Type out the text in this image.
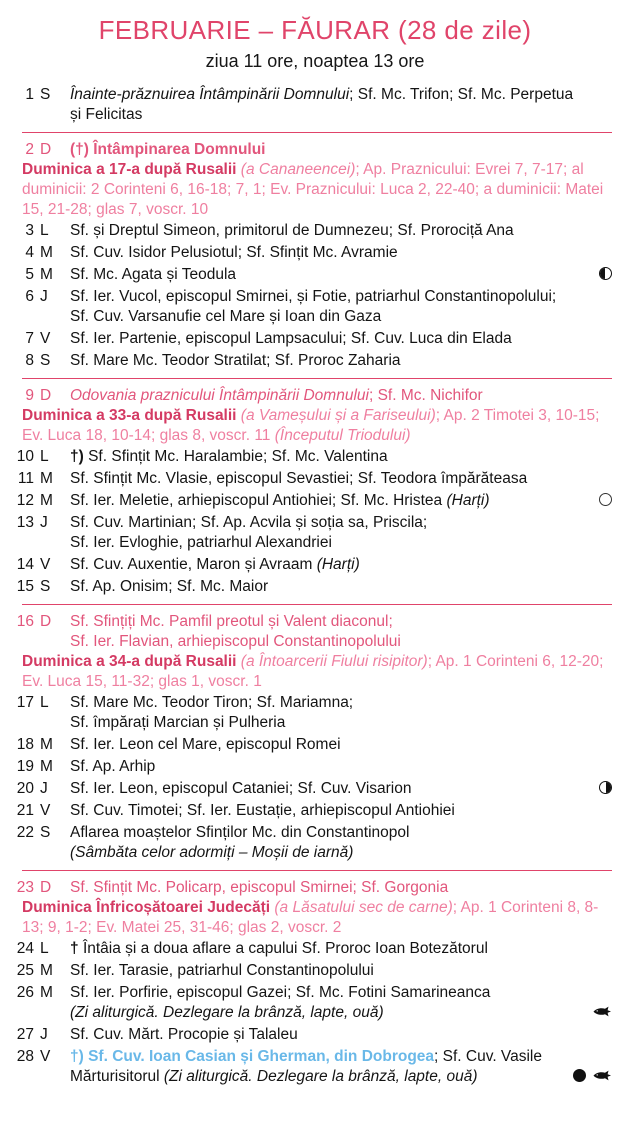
FEBRUARIE – FĂURAR (28 de zile)
ziua 11 ore, noaptea 13 ore
1 S	Înainte-prăznuirea Întâmpinării Domnului; Sf. Mc. Trifon; Sf. Mc. Perpetua
și Felicitas
2 D	(†) Întâmpinarea Domnului
Duminica a 17-a după Rusalii (a Cananeencei); Ap. Praznicului: Evrei 7, 7-17; al duminicii: 2 Corinteni 6, 16-18; 7, 1; Ev. Praznicului: Luca 2, 22-40; a duminicii: Matei 15, 21-28; glas 7, voscr. 10
3 L	Sf. și Dreptul Simeon, primitorul de Dumnezeu; Sf. Prorociță Ana
4 M	Sf. Cuv. Isidor Pelusiotul; Sf. Sfințit Mc. Avramie
5 M	Sf. Mc. Agata și Teodula
6 J	Sf. Ier. Vucol, episcopul Smirnei, și Fotie, patriarhul Constantinopolului;
Sf. Cuv. Varsanufie cel Mare și Ioan din Gaza
7 V	Sf. Ier. Partenie, episcopul Lampsacului; Sf. Cuv. Luca din Elada
8 S	Sf. Mare Mc. Teodor Stratilat; Sf. Proroc Zaharia
9 D	Odovania praznicului Întâmpinării Domnului; Sf. Mc. Nichifor
Duminica a 33-a după Rusalii (a Vameșului și a Fariseului); Ap. 2 Timotei 3, 10-15; Ev. Luca 18, 10-14; glas 8, voscr. 11 (Începutul Triodului)
10 L	†) Sf. Sfințit Mc. Haralambie; Sf. Mc. Valentina
11 M	Sf. Sfințit Mc. Vlasie, episcopul Sevastiei; Sf. Teodora împărăteasa
12 M	Sf. Ier. Meletie, arhiepiscopul Antiohiei; Sf. Mc. Hristea (Harți)
13 J	Sf. Cuv. Martinian; Sf. Ap. Acvila și soția sa, Priscila;
Sf. Ier. Evloghie, patriarhul Alexandriei
14 V	Sf. Cuv. Auxentie, Maron și Avraam (Harți)
15 S	Sf. Ap. Onisim; Sf. Mc. Maior
16 D	Sf. Sfințiți Mc. Pamfil preotul și Valent diaconul;
Sf. Ier. Flavian, arhiepiscopul Constantinopolului
Duminica a 34-a după Rusalii (a Întoarcerii Fiului risipitor); Ap. 1 Corinteni 6, 12-20; Ev. Luca 15, 11-32; glas 1, voscr. 1
17 L	Sf. Mare Mc. Teodor Tiron; Sf. Mariamna;
Sf. împărați Marcian și Pulheria
18 M	Sf. Ier. Leon cel Mare, episcopul Romei
19 M	Sf. Ap. Arhip
20 J	Sf. Ier. Leon, episcopul Cataniei; Sf. Cuv. Visarion
21 V	Sf. Cuv. Timotei; Sf. Ier. Eustație, arhiepiscopul Antiohiei
22 S	Aflarea moaștelor Sfinților Mc. din Constantinopol
(Sâmbăta celor adormiți – Moșii de iarnă)
23 D	Sf. Sfințit Mc. Policarp, episcopul Smirnei; Sf. Gorgonia
Duminica Înfricoșătoarei Judecăți (a Lăsatului sec de carne); Ap. 1 Corinteni 8, 8-13; 9, 1-2; Ev. Matei 25, 31-46; glas 2, voscr. 2
24 L	† Întâia și a doua aflare a capului Sf. Proroc Ioan Botezătorul
25 M	Sf. Ier. Tarasie, patriarhul Constantinopolului
26 M	Sf. Ier. Porfirie, episcopul Gazei; Sf. Mc. Fotini Samarineanca
(Zi aliturgică. Dezlegare la brânză, lapte, ouă)
27 J	Sf. Cuv. Mărt. Procopie și Talaleu
28 V	†) Sf. Cuv. Ioan Casian și Gherman, din Dobrogea; Sf. Cuv. Vasile
Mărturisitorul (Zi aliturgică. Dezlegare la brânză, lapte, ouă)
